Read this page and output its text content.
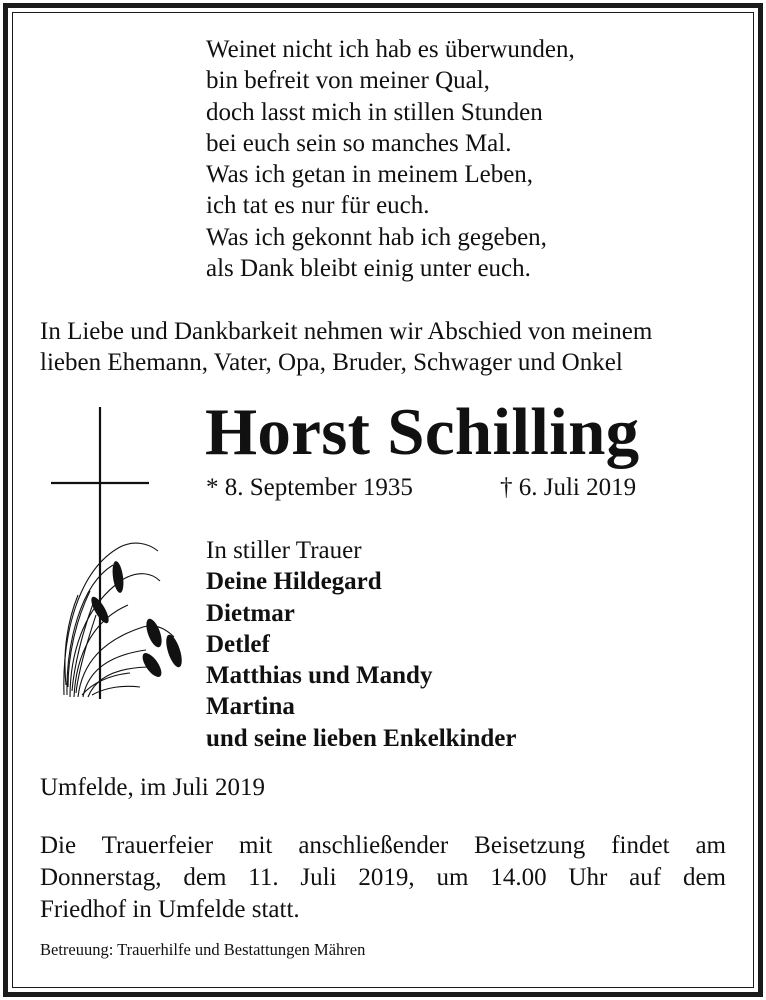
Weinet nicht ich hab es überwunden,
bin befreit von meiner Qual,
doch lasst mich in stillen Stunden
bei euch sein so manches Mal.
Was ich getan in meinem Leben,
ich tat es nur für euch.
Was ich gekonnt hab ich gegeben,
als Dank bleibt einig unter euch.
In Liebe und Dankbarkeit nehmen wir Abschied von meinem
lieben Ehemann, Vater, Opa, Bruder, Schwager und Onkel
Horst Schilling
* 8. September 1935	† 6. Juli 2019
In stiller Trauer
Deine Hildegard
Dietmar
Detlef
Matthias und Mandy
Martina
und seine lieben Enkelkinder
Umfelde, im Juli 2019
Die Trauerfeier mit anschließender Beisetzung findet am
Donnerstag, dem 11. Juli 2019, um 14.00 Uhr auf dem
Friedhof in Umfelde statt.
Betreuung: Trauerhilfe und Bestattungen Mähren
